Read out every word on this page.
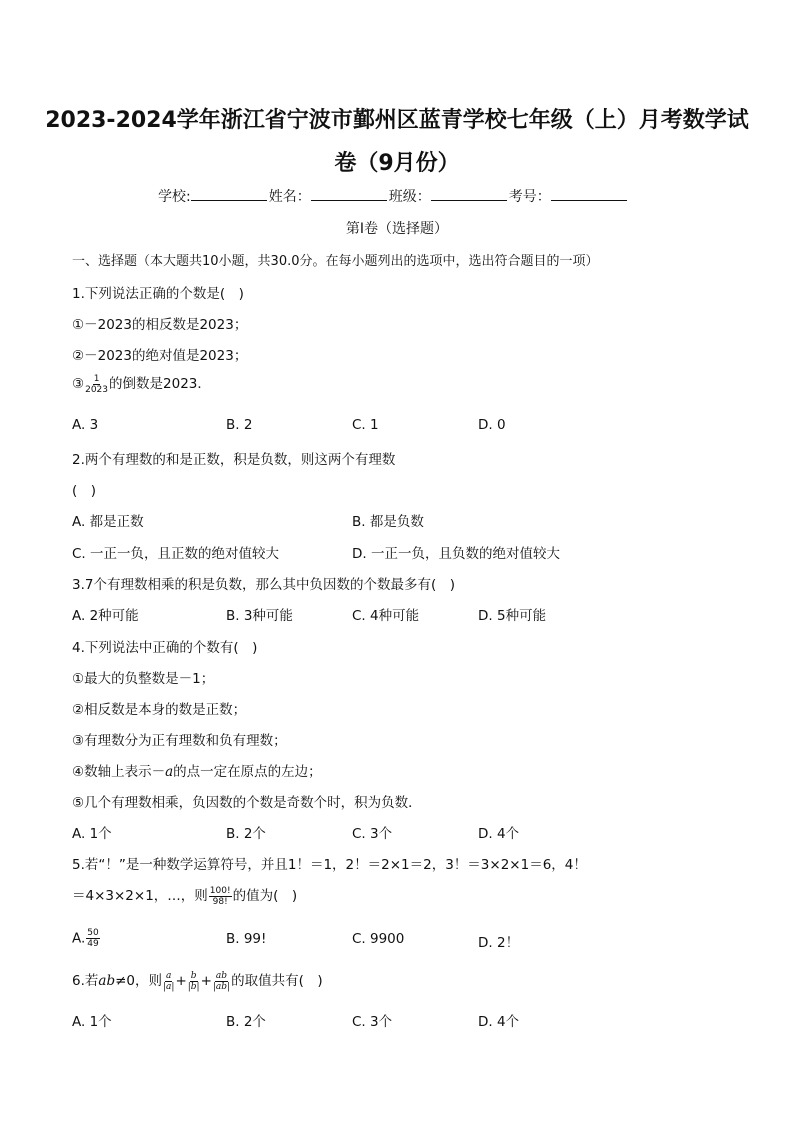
2023-2024学年浙江省宁波市鄞州区蓝青学校七年级（上）月考数学试
卷（9月份）
学校:	姓名：	班级：	考号：
第I卷（选择题）
一、选择题（本大题共10小题，共30.0分。在每小题列出的选项中，选出符合题目的一项）
1.下列说法正确的个数是(　)
①－2023的相反数是2023；
②－2023的绝对值是2023；
③ $\frac{1}{2023}$ 的倒数是2023．
A. 3	B. 2	C. 1	D. 0
2.两个有理数的和是正数，积是负数，则这两个有理数
(　)
A. 都是正数	B. 都是负数
C. 一正一负，且正数的绝对值较大	D. 一正一负，且负数的绝对值较大
3.7个有理数相乘的积是负数，那么其中负因数的个数最多有(　)
A. 2种可能	B. 3种可能	C. 4种可能	D. 5种可能
4.下列说法中正确的个数有(　)
①最大的负整数是－1；
②相反数是本身的数是正数；
③有理数分为正有理数和负有理数；
④数轴上表示－a的点一定在原点的左边；
⑤几个有理数相乘，负因数的个数是奇数个时，积为负数．
A. 1个	B. 2个	C. 3个	D. 4个
5.若“！”是一种数学运算符号，并且1！＝1，2！＝2×1＝2，3！＝3×2×1＝6，4！
＝4×3×2×1，…，则 $\frac{100!}{98!}$ 的值为(　)
A. $\frac{50}{49}$	B. 99!	C. 9900	D. 2！
6.若ab≠0，则 $\frac{a}{|a|} + \frac{b}{|b|} + \frac{ab}{|ab|}$ 的取值共有(　)
A. 1个	B. 2个	C. 3个	D. 4个
